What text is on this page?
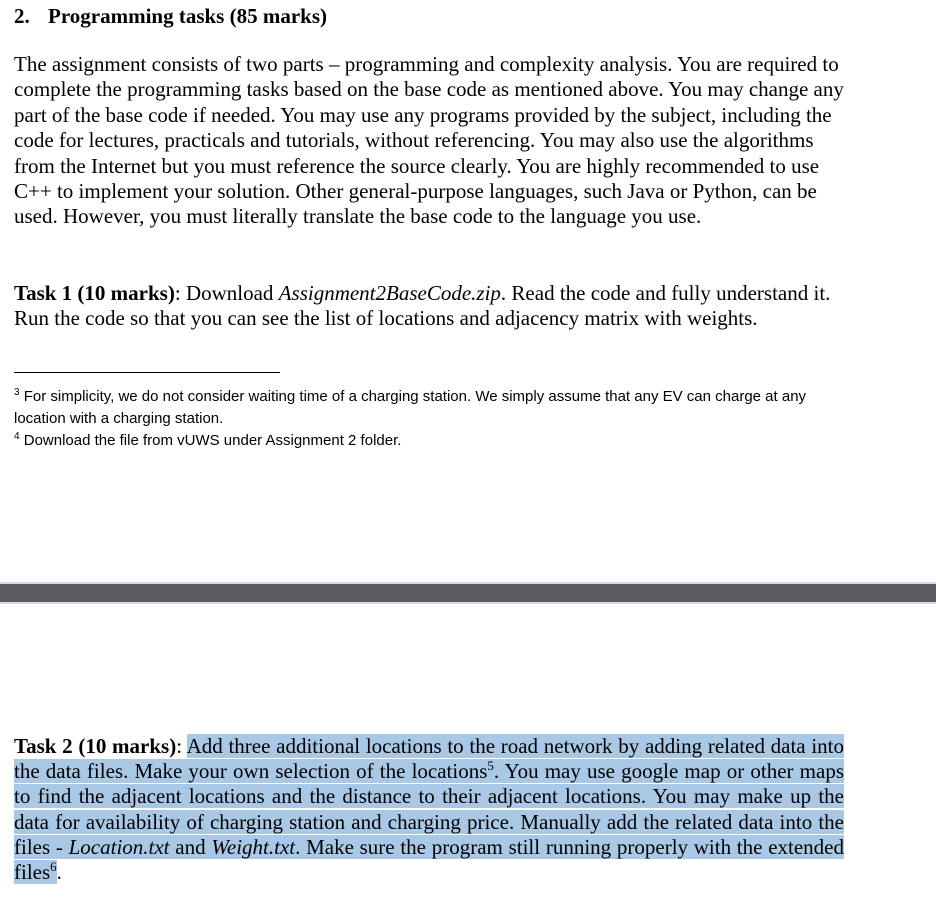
2. Programming tasks (85 marks)

The assignment consists of two parts – programming and complexity analysis. You are required to complete the programming tasks based on the base code as mentioned above. You may change any part of the base code if needed. You may use any programs provided by the subject, including the code for lectures, practicals and tutorials, without referencing. You may also use the algorithms from the Internet but you must reference the source clearly. You are highly recommended to use C++ to implement your solution. Other general-purpose languages, such Java or Python, can be used. However, you must literally translate the base code to the language you use.

Task 1 (10 marks): Download Assignment2BaseCode.zip. Read the code and fully understand it. Run the code so that you can see the list of locations and adjacency matrix with weights.

$^3$ For simplicity, we do not consider waiting time of a charging station. We simply assume that any EV can charge at any location with a charging station.

$^4$ Download the file from vUWS under Assignment 2 folder.

Task 2 (10 marks): Add three additional locations to the road network by adding related data into the data files. Make your own selection of the locations$^5$. You may use google map or other maps to find the adjacent locations and the distance to their adjacent locations. You may make up the data for availability of charging station and charging price. Manually add the related data into the files - Location.txt and Weight.txt. Make sure the program still running properly with the extended files$^6$.
